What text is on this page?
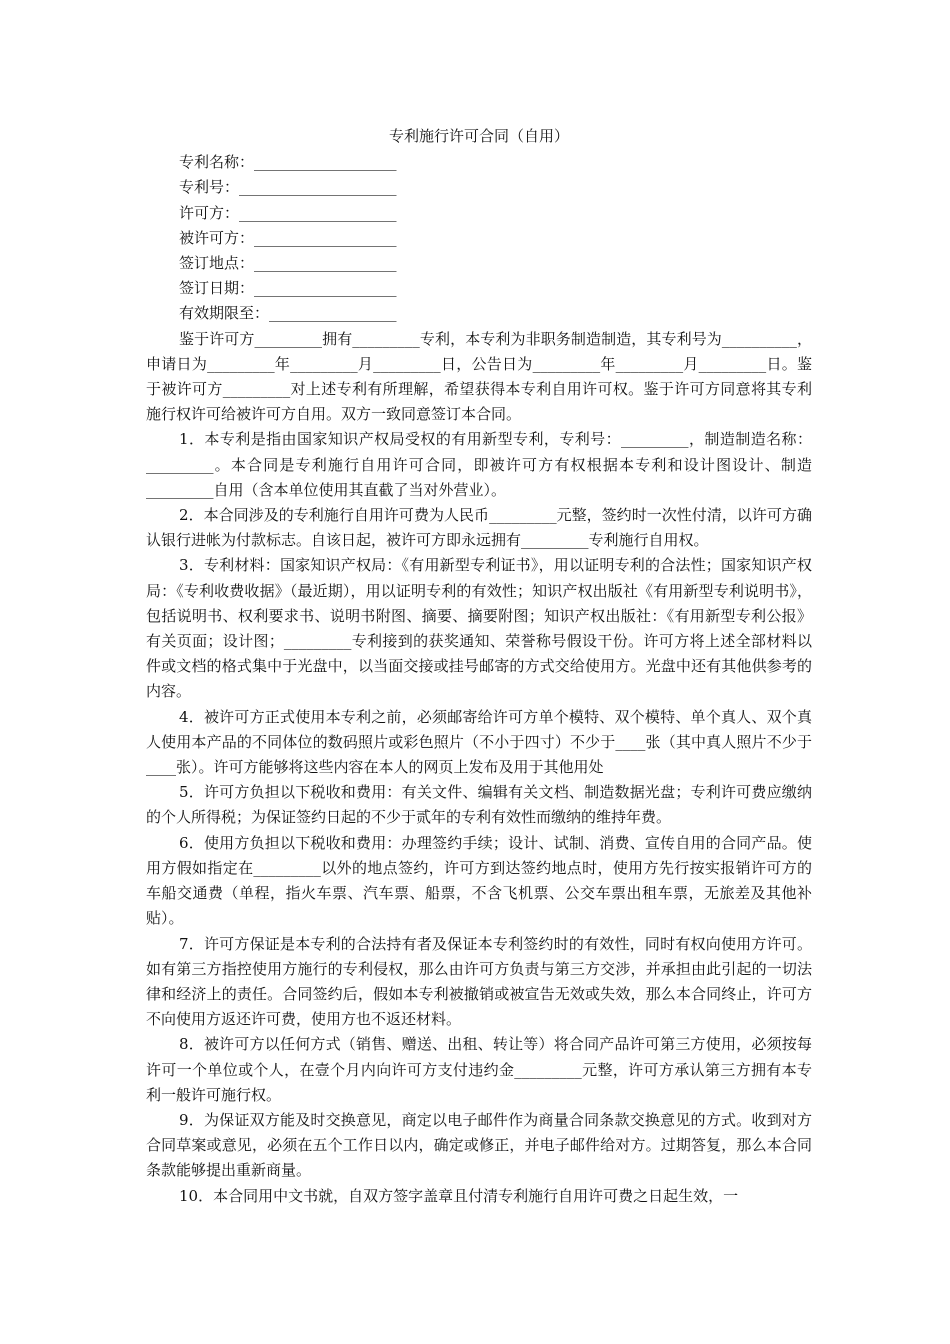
专利施行许可合同（自用）
专利名称：___________________
专利号：_____________________
许可方：_____________________
被许可方：___________________
签订地点：___________________
签订日期：___________________
有效期限至：_________________

鉴于许可方_________拥有_________专利，本专利为非职务制造制造，其专利号为__________，申请日为_________年_________月_________日，公告日为_________年_________月_________日。鉴于被许可方_________对上述专利有所理解，希望获得本专利自用许可权。鉴于许可方同意将其专利施行权许可给被许可方自用。双方一致同意签订本合同。

1．本专利是指由国家知识产权局受权的有用新型专利，专利号：_________，制造制造名称：_________。本合同是专利施行自用许可合同，即被许可方有权根据本专利和设计图设计、制造_________自用（含本单位使用其直截了当对外营业）。

2．本合同涉及的专利施行自用许可费为人民币_________元整，签约时一次性付清，以许可方确认银行进帐为付款标志。自该日起，被许可方即永远拥有_________专利施行自用权。

3．专利材料：国家知识产权局：《有用新型专利证书》，用以证明专利的合法性；国家知识产权局：《专利收费收据》（最近期），用以证明专利的有效性；知识产权出版社《有用新型专利说明书》，包括说明书、权利要求书、说明书附图、摘要、摘要附图；知识产权出版社：《有用新型专利公报》有关页面；设计图；_________专利接到的获奖通知、荣誉称号假设干份。许可方将上述全部材料以件或文档的格式集中于光盘中，以当面交接或挂号邮寄的方式交给使用方。光盘中还有其他供参考的内容。

4．被许可方正式使用本专利之前，必须邮寄给许可方单个模特、双个模特、单个真人、双个真人使用本产品的不同体位的数码照片或彩色照片（不小于四寸）不少于____张（其中真人照片不少于____张）。许可方能够将这些内容在本人的网页上发布及用于其他用处

5．许可方负担以下税收和费用：有关文件、编辑有关文档、制造数据光盘；专利许可费应缴纳的个人所得税；为保证签约日起的不少于贰年的专利有效性而缴纳的维持年费。

6．使用方负担以下税收和费用：办理签约手续；设计、试制、消费、宣传自用的合同产品。使用方假如指定在_________以外的地点签约，许可方到达签约地点时，使用方先行按实报销许可方的车船交通费（单程，指火车票、汽车票、船票，不含飞机票、公交车票出租车票，无旅差及其他补贴）。

7．许可方保证是本专利的合法持有者及保证本专利签约时的有效性，同时有权向使用方许可。如有第三方指控使用方施行的专利侵权，那么由许可方负责与第三方交涉，并承担由此引起的一切法律和经济上的责任。合同签约后，假如本专利被撤销或被宣告无效或失效，那么本合同终止，许可方不向使用方返还许可费，使用方也不返还材料。

8．被许可方以任何方式（销售、赠送、出租、转让等）将合同产品许可第三方使用，必须按每许可一个单位或个人，在壹个月内向许可方支付违约金_________元整，许可方承认第三方拥有本专利一般许可施行权。

9．为保证双方能及时交换意见，商定以电子邮件作为商量合同条款交换意见的方式。收到对方合同草案或意见，必须在五个工作日以内，确定或修正，并电子邮件给对方。过期答复，那么本合同条款能够提出重新商量。

10．本合同用中文书就，自双方签字盖章且付清专利施行自用许可费之日起生效，一
